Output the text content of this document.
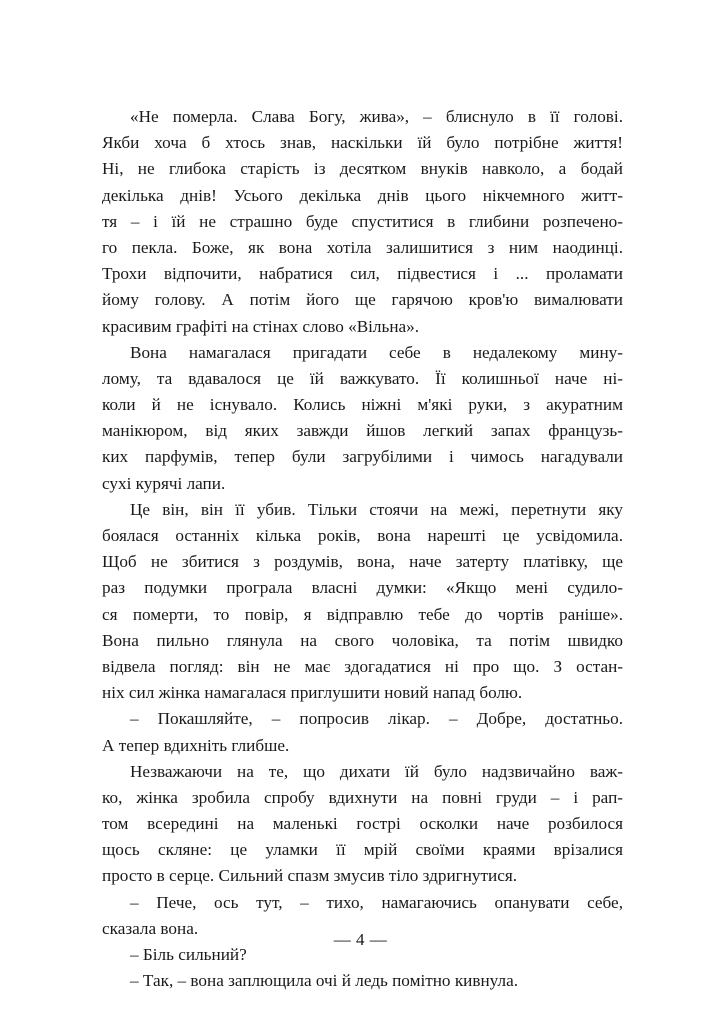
«Не померла. Слава Богу, жива», – блиснуло в її голові.
Якби хоча б хтось знав, наскільки їй було потрібне життя!
Ні, не глибока старість із десятком внуків навколо, а бодай
декілька днів! Усього декілька днів цього нікчемного житт-
тя – і їй не страшно буде спуститися в глибини розпечено-
го пекла. Боже, як вона хотіла залишитися з ним наодинці.
Трохи відпочити, набратися сил, підвестися і ... проламати
йому голову. А потім його ще гарячою кров'ю вималювати
красивим графіті на стінах слово «Вільна».
Вона намагалася пригадати себе в недалекому мину-
лому, та вдавалося це їй важкувато. Її колишньої наче ні-
коли й не існувало. Колись ніжні м'які руки, з акуратним
манікюром, від яких завжди йшов легкий запах французь-
ких парфумів, тепер були загрубілими і чимось нагадували
сухі курячі лапи.
Це він, він її убив. Тільки стоячи на межі, перетнути яку
боялася останніх кілька років, вона нарешті це усвідомила.
Щоб не збитися з роздумів, вона, наче затерту платівку, ще
раз подумки програла власні думки: «Якщо мені судило-
ся померти, то повір, я відправлю тебе до чортів раніше».
Вона пильно глянула на свого чоловіка, та потім швидко
відвела погляд: він не має здогадатися ні про що. З остан-
ніх сил жінка намагалася приглушити новий напад болю.
– Покашляйте, – попросив лікар. – Добре, достатньо.
А тепер вдихніть глибше.
Незважаючи на те, що дихати їй було надзвичайно важ-
ко, жінка зробила спробу вдихнути на повні груди – і рап-
том всередині на маленькі гострі осколки наче розбилося
щось скляне: це уламки її мрій своїми краями врізалися
просто в серце. Сильний спазм змусив тіло здригнутися.
– Пече, ось тут, – тихо, намагаючись опанувати себе,
сказала вона.
– Біль сильний?
– Так, – вона заплющила очі й ледь помітно кивнула.
— 4 —
